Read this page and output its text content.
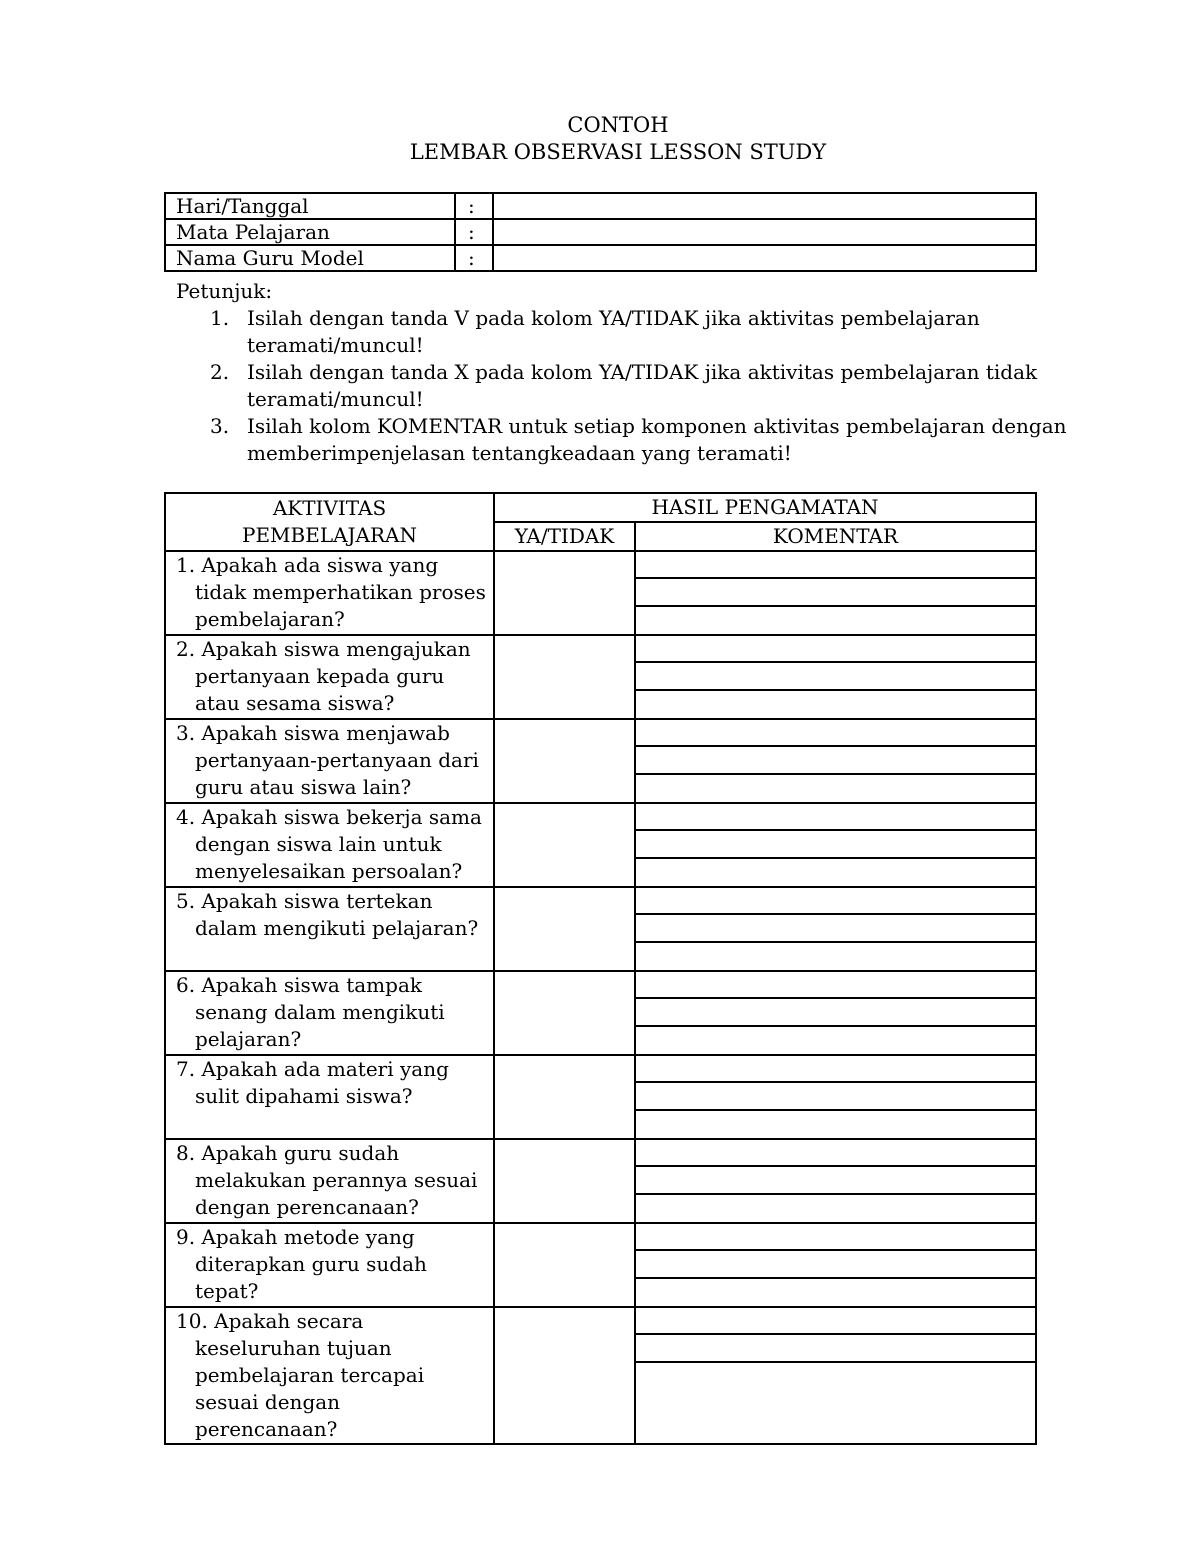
CONTOH
LEMBAR OBSERVASI LESSON STUDY
Hari/Tanggal	:	
Mata Pelajaran	:	
Nama Guru Model	:	

Petunjuk:

1. Isilah dengan tanda V pada kolom YA/TIDAK jika aktivitas pembelajaran teramati/muncul!
2. Isilah dengan tanda X pada kolom YA/TIDAK jika aktivitas pembelajaran tidak teramati/muncul!
3. Isilah kolom KOMENTAR untuk setiap komponen aktivitas pembelajaran dengan memberimpenjelasan tentangkeadaan yang teramati!
AKTIVITAS
PEMBELAJARAN	HASIL PENGAMATAN	
	YA/TIDAK	KOMENTAR

1. Apakah ada siswa yang tidak memperhatikan proses pembelajaran?		

2. Apakah siswa mengajukan pertanyaan kepada guru atau sesama siswa?		

3. Apakah siswa menjawab pertanyaan-pertanyaan dari guru atau siswa lain?		

4. Apakah siswa bekerja sama dengan siswa lain untuk menyelesaikan persoalan?		

5. Apakah siswa tertekan dalam mengikuti pelajaran?		

6. Apakah siswa tampak senang dalam mengikuti pelajaran?		

7. Apakah ada materi yang sulit dipahami siswa?		

8. Apakah guru sudah melakukan perannya sesuai dengan perencanaan?		

9. Apakah metode yang diterapkan guru sudah tepat?		

10. Apakah secara keseluruhan tujuan pembelajaran tercapai sesuai dengan perencanaan?		
